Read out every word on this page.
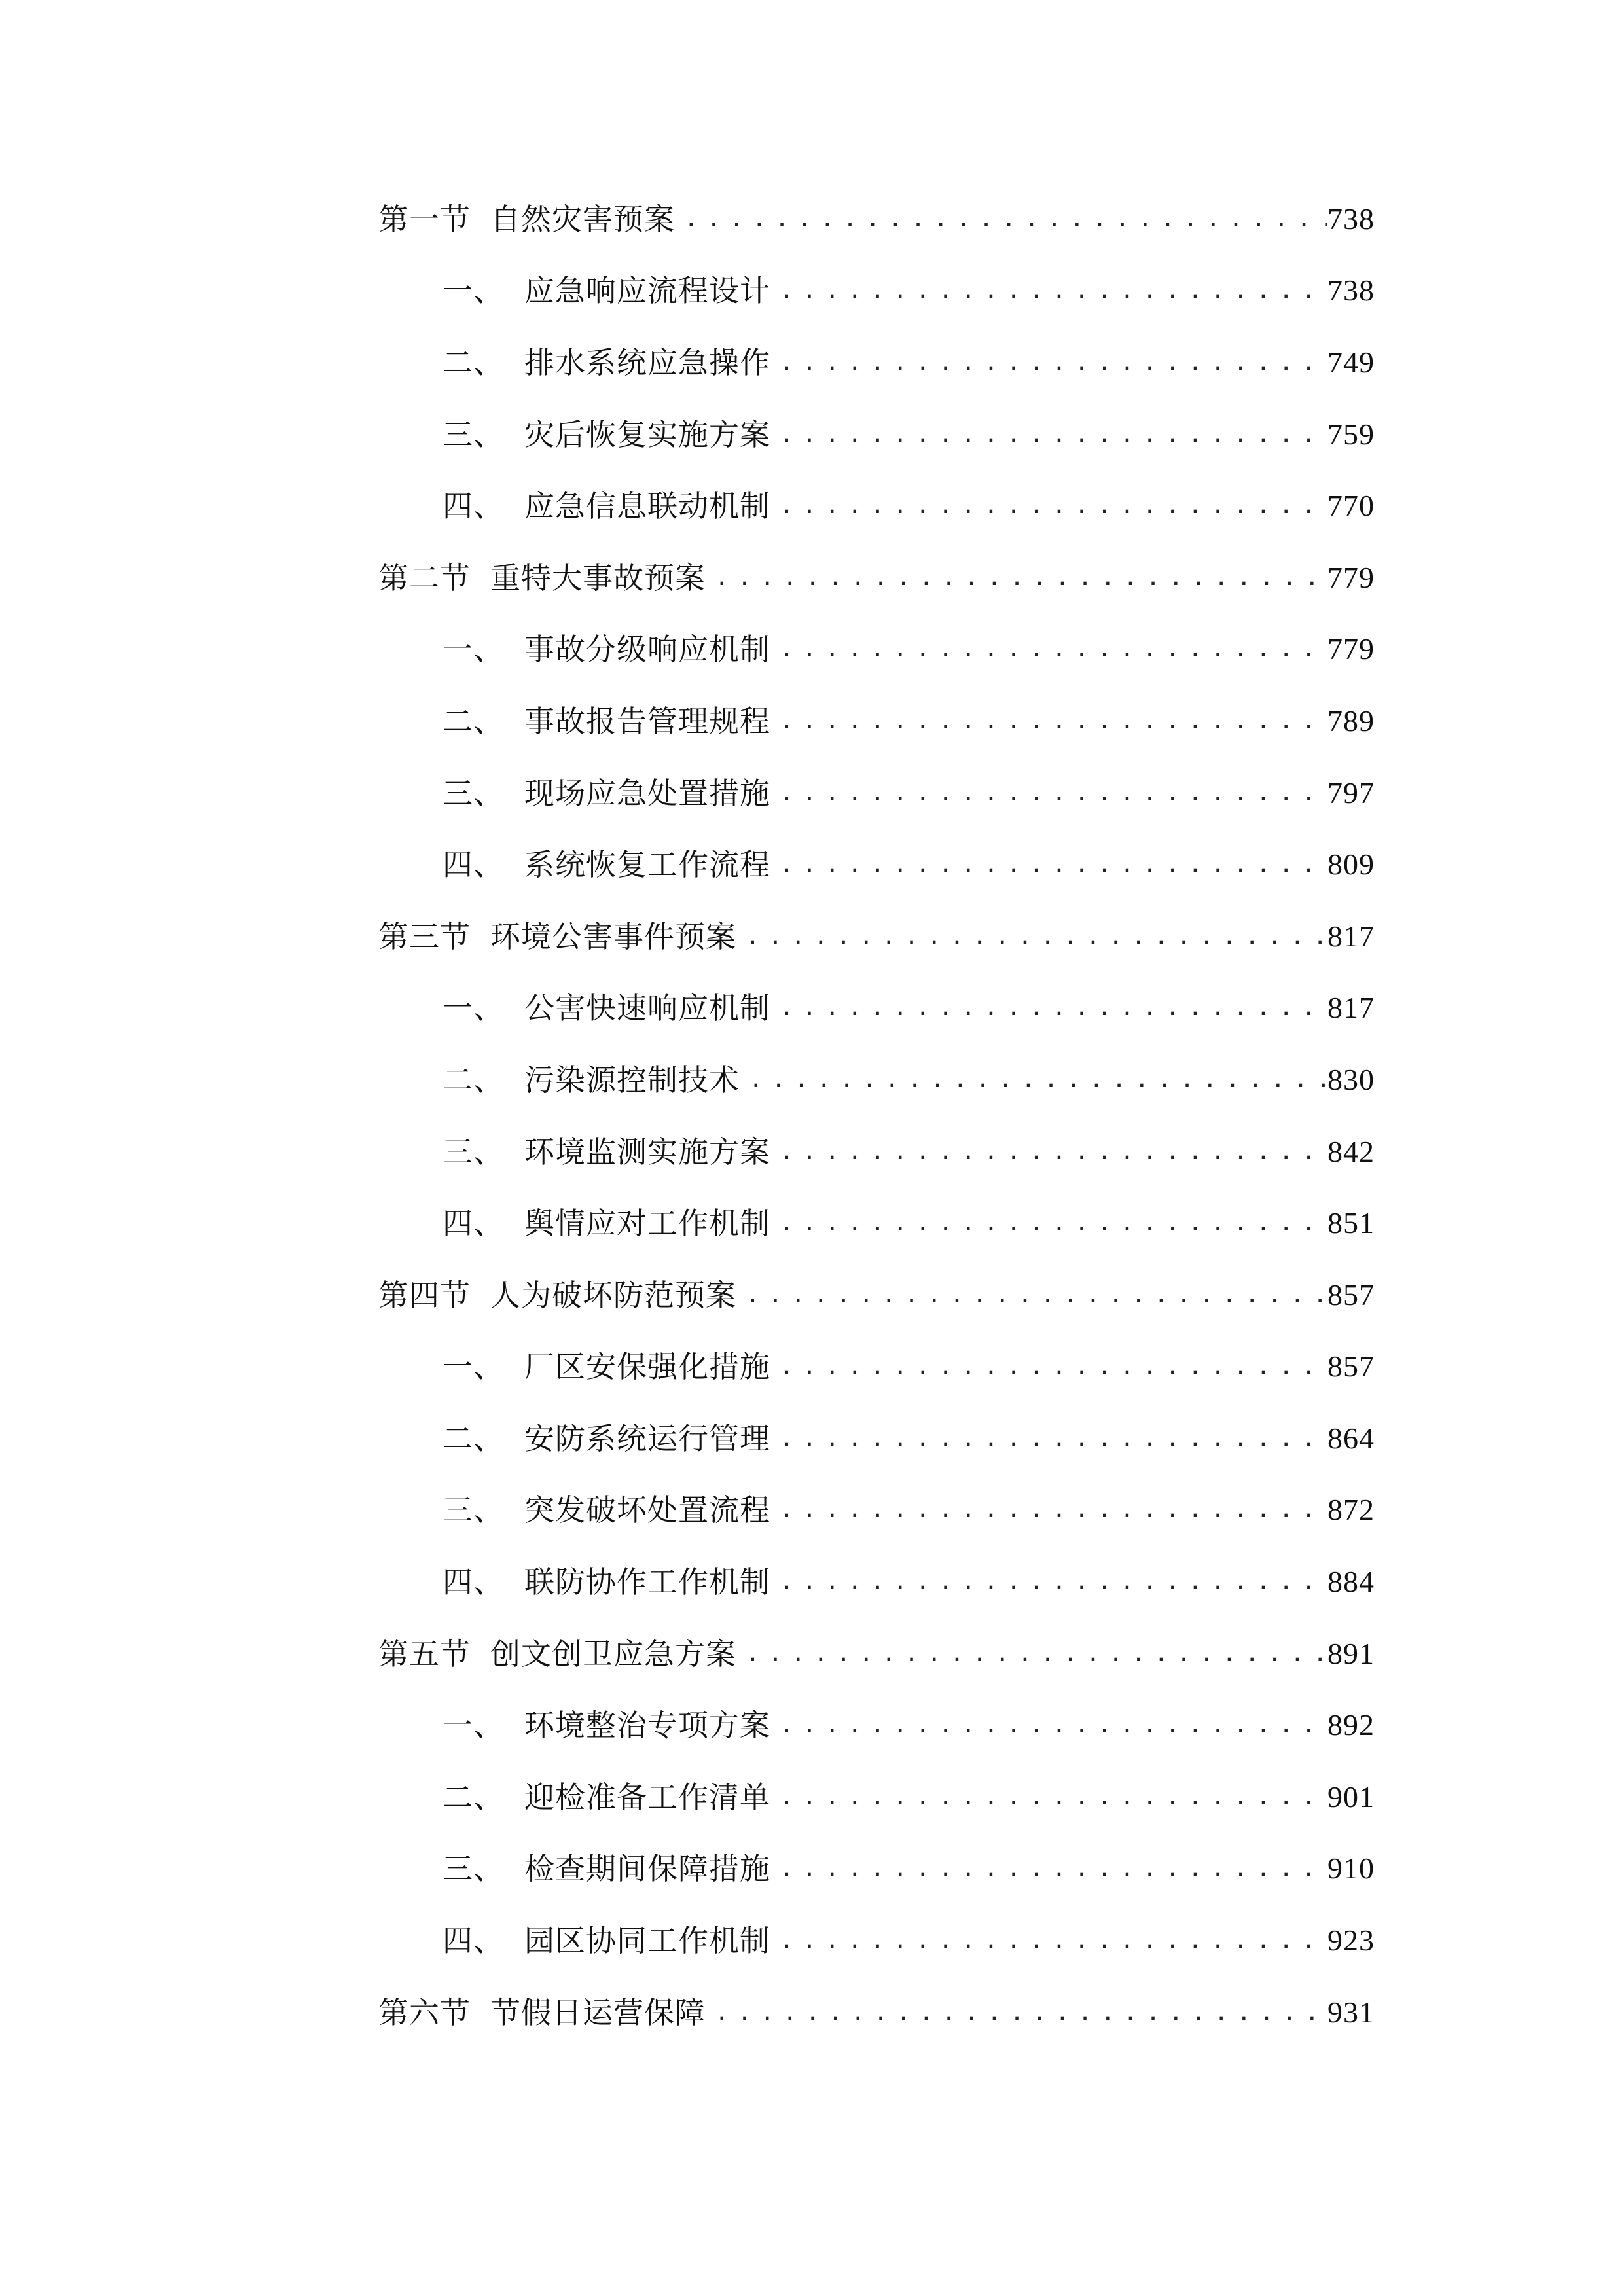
第一节 自然灾害预案 .....	738
一、 应急响应流程设计 .....	738
二、 排水系统应急操作 .....	749
三、 灾后恢复实施方案 .....	759
四、 应急信息联动机制 .....	770
第二节 重特大事故预案 .....	779
一、 事故分级响应机制 .....	779
二、 事故报告管理规程 .....	789
三、 现场应急处置措施 .....	797
四、 系统恢复工作流程 .....	809
第三节 环境公害事件预案 .....	817
一、 公害快速响应机制 .....	817
二、 污染源控制技术 .....	830
三、 环境监测实施方案 .....	842
四、 舆情应对工作机制 .....	851
第四节 人为破坏防范预案 .....	857
一、 厂区安保强化措施 .....	857
二、 安防系统运行管理 .....	864
三、 突发破坏处置流程 .....	872
四、 联防协作工作机制 .....	884
第五节 创文创卫应急方案 .....	891
一、 环境整治专项方案 .....	892
二、 迎检准备工作清单 .....	901
三、 检查期间保障措施 .....	910
四、 园区协同工作机制 .....	923
第六节 节假日运营保障 .....	931
